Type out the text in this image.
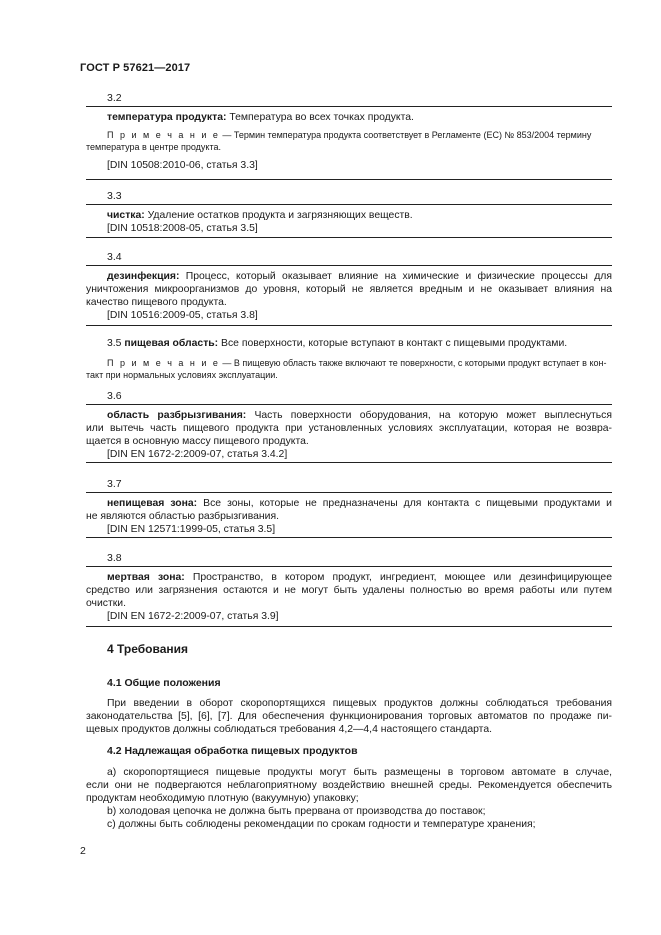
ГОСТ Р 57621—2017
3.2
температура продукта: Температура во всех точках продукта.
П р и м е ч а н и е — Термин температура продукта соответствует в Регламенте (ЕС) № 853/2004 термину
температура в центре продукта.
[DIN 10508:2010-06, статья 3.3]
3.3
чистка: Удаление остатков продукта и загрязняющих веществ.
[DIN 10518:2008-05, статья 3.5]
3.4
дезинфекция: Процесс, который оказывает влияние на химические и физические процессы для
уничтожения микроорганизмов до уровня, который не является вредным и не оказывает влияния на
качество пищевого продукта.
[DIN 10516:2009-05, статья 3.8]
3.5 пищевая область: Все поверхности, которые вступают в контакт с пищевыми продуктами.
П р и м е ч а н и е — В пищевую область также включают те поверхности, с которыми продукт вступает в кон-
такт при нормальных условиях эксплуатации.
3.6
область разбрызгивания: Часть поверхности оборудования, на которую может выплеснуться
или вытечь часть пищевого продукта при установленных условиях эксплуатации, которая не возвра-
щается в основную массу пищевого продукта.
[DIN EN 1672-2:2009-07, статья 3.4.2]
3.7
непищевая зона: Все зоны, которые не предназначены для контакта с пищевыми продуктами и
не являются областью разбрызгивания.
[DIN EN 12571:1999-05, статья 3.5]
3.8
мертвая зона: Пространство, в котором продукт, ингредиент, моющее или дезинфицирующее
средство или загрязнения остаются и не могут быть удалены полностью во время работы или путем
очистки.
[DIN EN 1672-2:2009-07, статья 3.9]
4 Требования
4.1 Общие положения
При введении в оборот скоропортящихся пищевых продуктов должны соблюдаться требования
законодательства [5], [6], [7]. Для обеспечения функционирования торговых автоматов по продаже пи-
щевых продуктов должны соблюдаться требования 4,2—4,4 настоящего стандарта.
4.2 Надлежащая обработка пищевых продуктов
а) скоропортящиеся пищевые продукты могут быть размещены в торговом автомате в случае,
если они не подвергаются неблагоприятному воздействию внешней среды. Рекомендуется обеспечить
продуктам необходимую плотную (вакуумную) упаковку;
b) холодовая цепочка не должна быть прервана от производства до поставок;
c) должны быть соблюдены рекомендации по срокам годности и температуре хранения;
2
